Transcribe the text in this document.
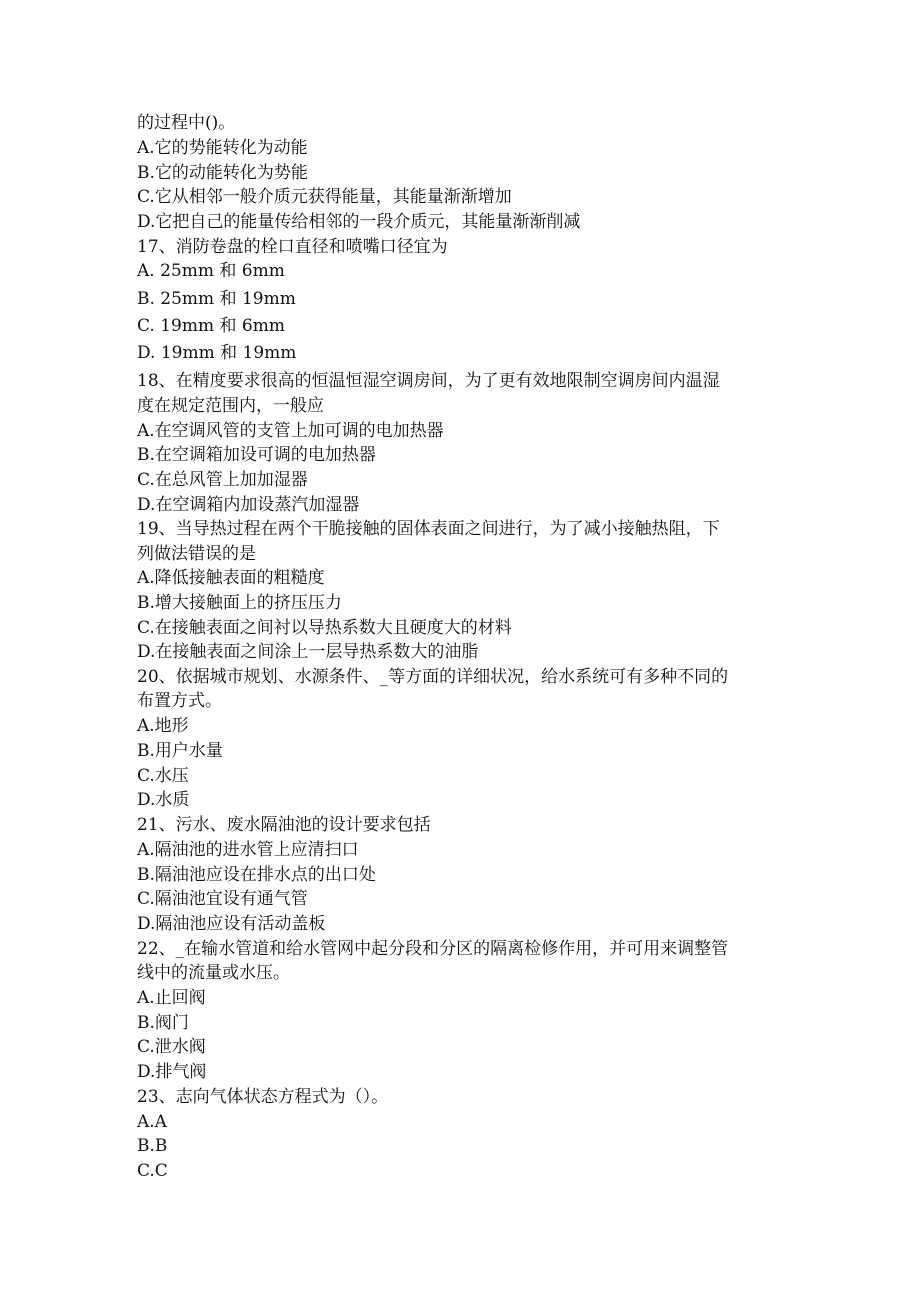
的过程中()。
A.它的势能转化为动能
B.它的动能转化为势能
C.它从相邻一般介质元获得能量，其能量渐渐增加
D.它把自己的能量传给相邻的一段介质元，其能量渐渐削减
17、消防卷盘的栓口直径和喷嘴口径宜为
A. 25mm 和 6mm
B. 25mm 和 19mm
C. 19mm 和 6mm
D. 19mm 和 19mm
18、在精度要求很高的恒温恒湿空调房间，为了更有效地限制空调房间内温湿
度在规定范围内，一般应
A.在空调风管的支管上加可调的电加热器
B.在空调箱加设可调的电加热器
C.在总风管上加加湿器
D.在空调箱内加设蒸汽加湿器
19、当导热过程在两个干脆接触的固体表面之间进行，为了减小接触热阻，下
列做法错误的是
A.降低接触表面的粗糙度
B.增大接触面上的挤压压力
C.在接触表面之间衬以导热系数大且硬度大的材料
D.在接触表面之间涂上一层导热系数大的油脂
20、依据城市规划、水源条件、_等方面的详细状况，给水系统可有多种不同的
布置方式。
A.地形
B.用户水量
C.水压
D.水质
21、污水、废水隔油池的设计要求包括
A.隔油池的进水管上应清扫口
B.隔油池应设在排水点的出口处
C.隔油池宜设有通气管
D.隔油池应设有活动盖板
22、_在输水管道和给水管网中起分段和分区的隔离检修作用，并可用来调整管
线中的流量或水压。
A.止回阀
B.阀门
C.泄水阀
D.排气阀
23、志向气体状态方程式为（）。
A.A
B.B
C.C
